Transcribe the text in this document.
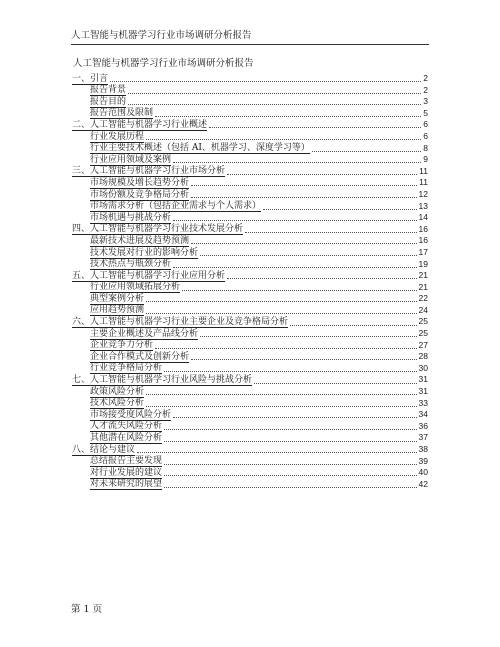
人工智能与机器学习行业市场调研分析报告
人工智能与机器学习行业市场调研分析报告
一、引言	2
报告背景	2
报告目的	3
报告范围及限制	5
二、人工智能与机器学习行业概述	6
行业发展历程	6
行业主要技术概述（包括 AI、机器学习、深度学习等）	8
行业应用领域及案例	9
三、人工智能与机器学习行业市场分析	11
市场规模及增长趋势分析	11
市场份额及竞争格局分析	12
市场需求分析（包括企业需求与个人需求）	13
市场机遇与挑战分析	14
四、人工智能与机器学习行业技术发展分析	16
最新技术进展及趋势预测	16
技术发展对行业的影响分析	17
技术热点与瓶颈分析	19
五、人工智能与机器学习行业应用分析	21
行业应用领域拓展分析	21
典型案例分析	22
应用趋势预测	24
六、人工智能与机器学习行业主要企业及竞争格局分析	25
主要企业概述及产品线分析	25
企业竞争力分析	27
企业合作模式及创新分析	28
行业竞争格局分析	30
七、人工智能与机器学习行业风险与挑战分析	31
政策风险分析	31
技术风险分析	33
市场接受度风险分析	34
人才流失风险分析	36
其他潜在风险分析	37
八、结论与建议	38
总结报告主要发现	39
对行业发展的建议	40
对未来研究的展望	42
第 1 页
